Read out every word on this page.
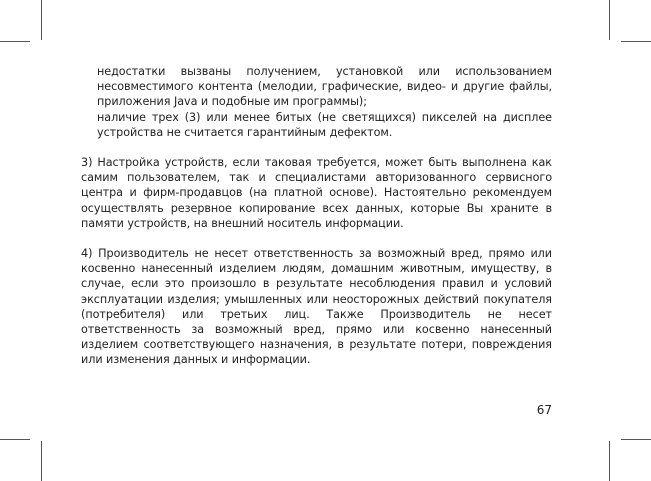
недостатки вызваны получением, установкой или использованием несовместимого контента (мелодии, графические, видео- и другие файлы, приложения Java и подобные им программы);

наличие трех (3) или менее битых (не светящихся) пикселей на дисплее устройства не считается гарантийным дефектом.

3) Настройка устройств, если таковая требуется, может быть выполнена как самим пользователем, так и специалистами авторизованного сервисного центра и фирм-продавцов (на платной основе). Настоятельно рекомендуем осуществлять резервное копирование всех данных, которые Вы храните в памяти устройств, на внешний носитель информации.

4) Производитель не несет ответственность за возможный вред, прямо или косвенно нанесенный изделием людям, домашним животным, имуществу, в случае, если это произошло в результате несоблюдения правил и условий эксплуатации изделия; умышленных или неосторожных действий покупателя (потребителя) или третьих лиц. Также Производитель не несет ответственность за возможный вред, прямо или косвенно нанесенный изделием соответствующего назначения, в результате потери, повреждения или изменения данных и информации.

67
